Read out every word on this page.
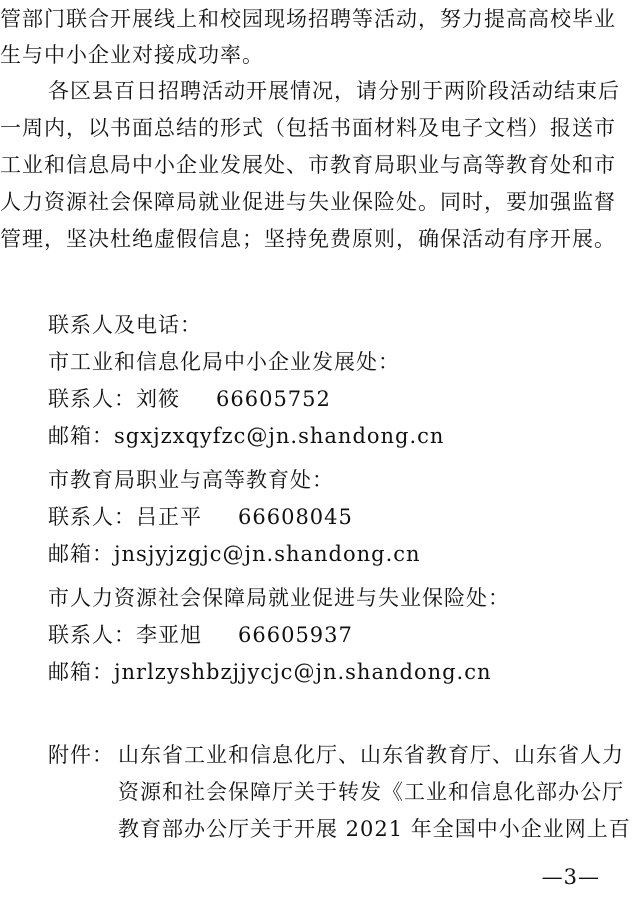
管部门联合开展线上和校园现场招聘等活动，努力提高高校毕业
生与中小企业对接成功率。
各区县百日招聘活动开展情况，请分别于两阶段活动结束后
一周内，以书面总结的形式（包括书面材料及电子文档）报送市
工业和信息局中小企业发展处、市教育局职业与高等教育处和市
人力资源社会保障局就业促进与失业保险处。同时，要加强监督
管理，坚决杜绝虚假信息；坚持免费原则，确保活动有序开展。
联系人及电话：
市工业和信息化局中小企业发展处：
联系人：刘筱 66605752
邮箱：sgxjzxqyfzc@jn.shandong.cn
市教育局职业与高等教育处：
联系人：吕正平 66608045
邮箱：jnsjyjzgjc@jn.shandong.cn
市人力资源社会保障局就业促进与失业保险处：
联系人：李亚旭 66605937
邮箱：jnrlzyshbzjjycjc@jn.shandong.cn
附件： 山东省工业和信息化厅、山东省教育厅、山东省人力
资源和社会保障厅关于转发《工业和信息化部办公厅
教育部办公厅关于开展 2021 年全国中小企业网上百
—3—
